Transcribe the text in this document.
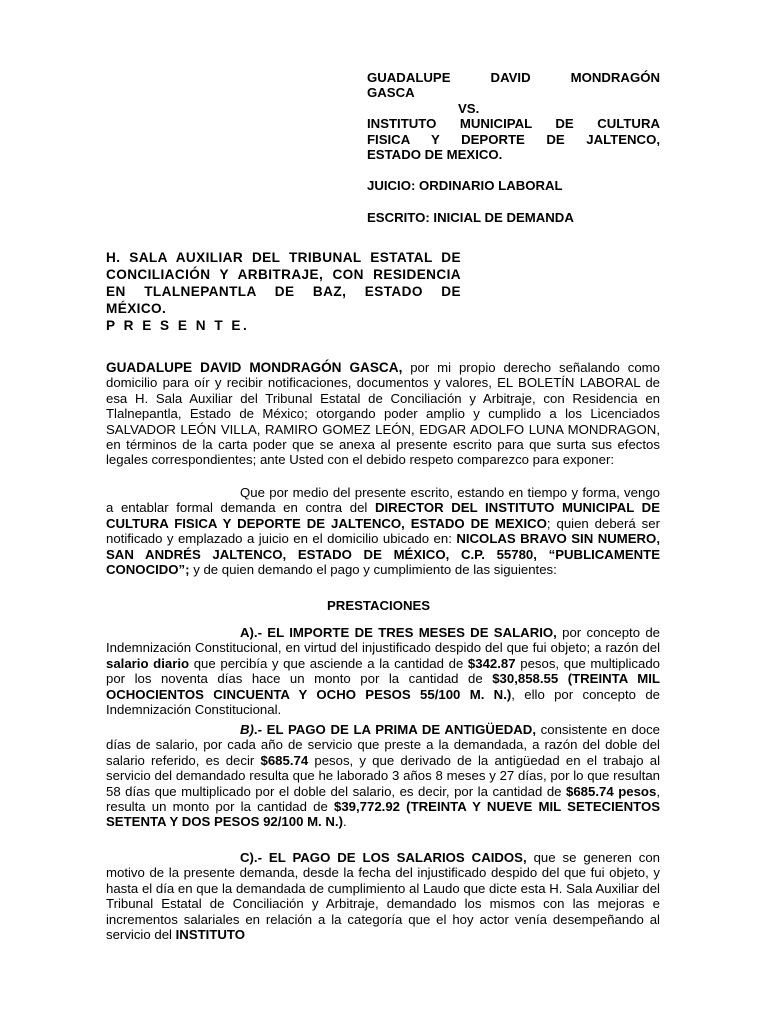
GUADALUPE DAVID MONDRAGÓN
GASCA
VS.
INSTITUTO MUNICIPAL DE CULTURA
FISICA Y DEPORTE DE JALTENCO,
ESTADO DE MEXICO.
JUICIO: ORDINARIO LABORAL
ESCRITO: INICIAL DE DEMANDA
H. SALA AUXILIAR DEL TRIBUNAL ESTATAL DE
CONCILIACIÓN Y ARBITRAJE, CON RESIDENCIA
EN TLALNEPANTLA DE BAZ, ESTADO DE
MÉXICO.
P R E S E N T E.
GUADALUPE DAVID MONDRAGÓN GASCA, por mi propio derecho señalando como domicilio para oír y recibir notificaciones, documentos y valores, EL BOLETÍN LABORAL de esa H. Sala Auxiliar del Tribunal Estatal de Conciliación y Arbitraje, con Residencia en Tlalnepantla, Estado de México; otorgando poder amplio y cumplido a los Licenciados SALVADOR LEÓN VILLA, RAMIRO GOMEZ LEÓN, EDGAR ADOLFO LUNA MONDRAGON, en términos de la carta poder que se anexa al presente escrito para que surta sus efectos legales correspondientes; ante Usted con el debido respeto comparezco para exponer:
Que por medio del presente escrito, estando en tiempo y forma, vengo a entablar formal demanda en contra del DIRECTOR DEL INSTITUTO MUNICIPAL DE CULTURA FISICA Y DEPORTE DE JALTENCO, ESTADO DE MEXICO; quien deberá ser notificado y emplazado a juicio en el domicilio ubicado en: NICOLAS BRAVO SIN NUMERO, SAN ANDRÉS JALTENCO, ESTADO DE MÉXICO, C.P. 55780, “PUBLICAMENTE CONOCIDO”; y de quien demando el pago y cumplimiento de las siguientes:
PRESTACIONES
A).- EL IMPORTE DE TRES MESES DE SALARIO, por concepto de Indemnización Constitucional, en virtud del injustificado despido del que fui objeto; a razón del salario diario que percibía y que asciende a la cantidad de $342.87 pesos, que multiplicado por los noventa días hace un monto por la cantidad de $30,858.55 (TREINTA MIL OCHOCIENTOS CINCUENTA Y OCHO PESOS 55/100 M. N.), ello por concepto de Indemnización Constitucional.
B).- EL PAGO DE LA PRIMA DE ANTIGÜEDAD, consistente en doce días de salario, por cada año de servicio que preste a la demandada, a razón del doble del salario referido, es decir $685.74 pesos, y que derivado de la antigüedad en el trabajo al servicio del demandado resulta que he laborado 3 años 8 meses y 27 días, por lo que resultan 58 días que multiplicado por el doble del salario, es decir, por la cantidad de $685.74 pesos, resulta un monto por la cantidad de $39,772.92 (TREINTA Y NUEVE MIL SETECIENTOS SETENTA Y DOS PESOS 92/100 M. N.).
C).- EL PAGO DE LOS SALARIOS CAIDOS, que se generen con motivo de la presente demanda, desde la fecha del injustificado despido del que fui objeto, y hasta el día en que la demandada de cumplimiento al Laudo que dicte esta H. Sala Auxiliar del Tribunal Estatal de Conciliación y Arbitraje, demandado los mismos con las mejoras e incrementos salariales en relación a la categoría que el hoy actor venía desempeñando al servicio del INSTITUTO
